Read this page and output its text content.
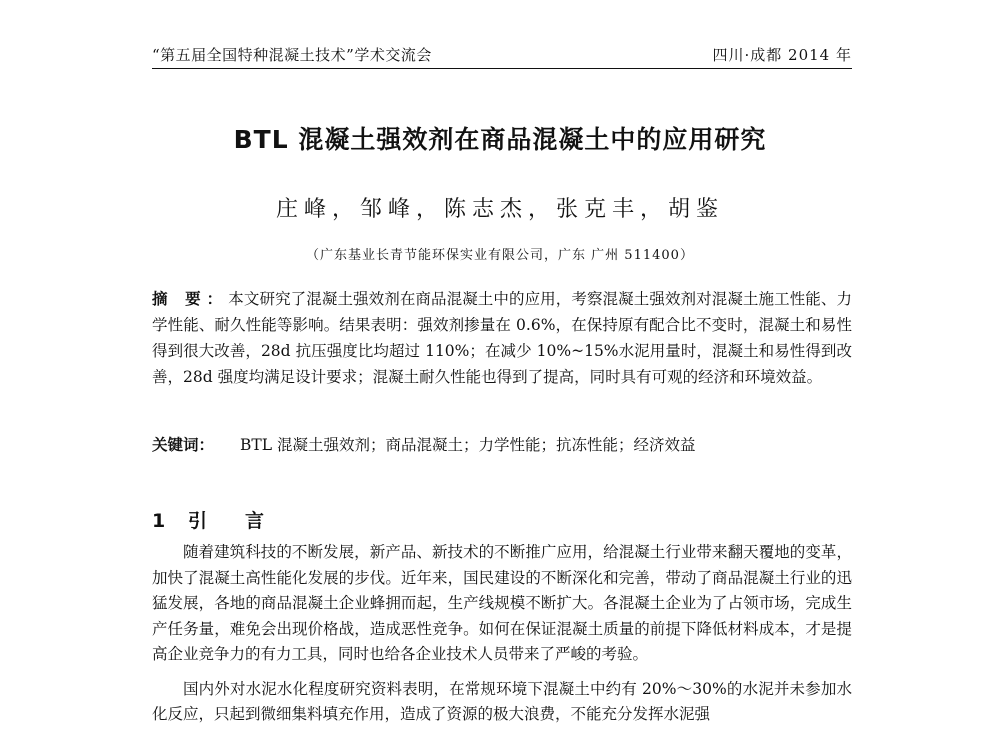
“第五届全国特种混凝土技术”学术交流会	四川·成都 2014 年
BTL 混凝土强效剂在商品混凝土中的应用研究
庄峰，邹峰，陈志杰，张克丰，胡鉴
（广东基业长青节能环保实业有限公司，广东 广州 511400）
摘 要：本文研究了混凝土强效剂在商品混凝土中的应用，考察混凝土强效剂对混凝土施工性能、力学性能、耐久性能等影响。结果表明：强效剂掺量在 0.6%，在保持原有配合比不变时，混凝土和易性得到很大改善，28d 抗压强度比均超过 110%；在减少 10%~15%水泥用量时，混凝土和易性得到改善，28d 强度均满足设计要求；混凝土耐久性能也得到了提高，同时具有可观的经济和环境效益。
关键词： BTL 混凝土强效剂；商品混凝土；力学性能；抗冻性能；经济效益
1 引言

随着建筑科技的不断发展，新产品、新技术的不断推广应用，给混凝土行业带来翻天覆地的变革，加快了混凝土高性能化发展的步伐。近年来，国民建设的不断深化和完善，带动了商品混凝土行业的迅猛发展，各地的商品混凝土企业蜂拥而起，生产线规模不断扩大。各混凝土企业为了占领市场，完成生产任务量，难免会出现价格战，造成恶性竞争。如何在保证混凝土质量的前提下降低材料成本，才是提高企业竞争力的有力工具，同时也给各企业技术人员带来了严峻的考验。

国内外对水泥水化程度研究资料表明，在常规环境下混凝土中约有 20%～30%的水泥并未参加水化反应，只起到微细集料填充作用，造成了资源的极大浪费，不能充分发挥水泥强
